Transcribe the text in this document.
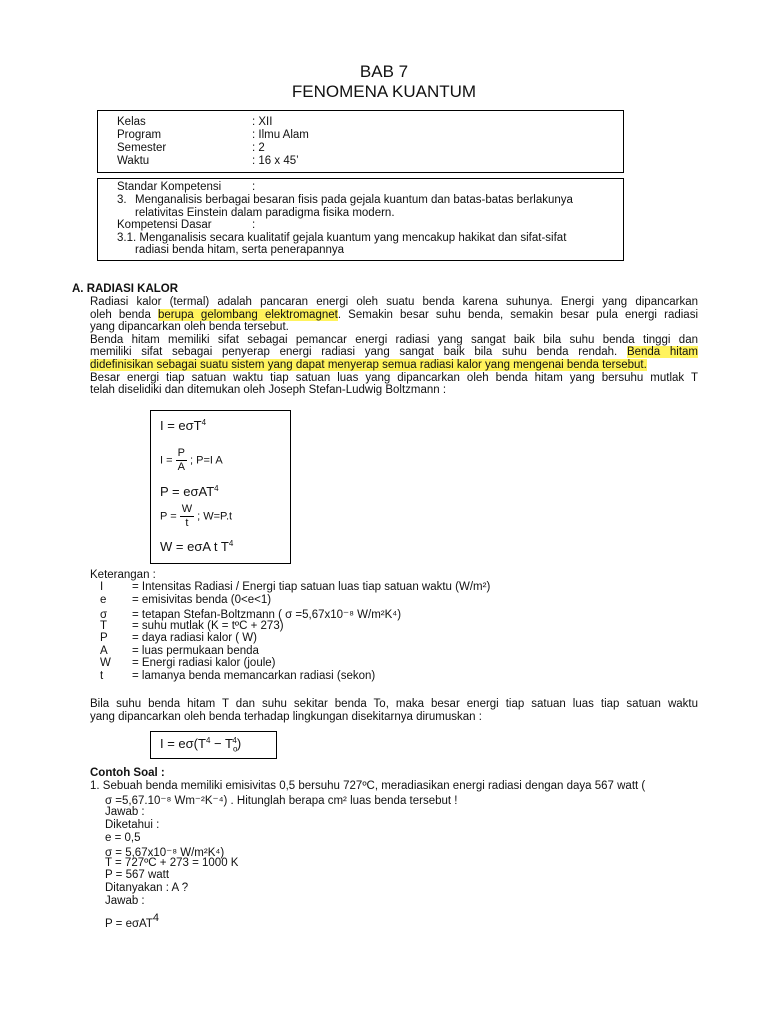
BAB 7
FENOMENA KUANTUM
Kelas	: XII
Program	: Ilmu Alam
Semester	: 2
Waktu	: 16 x 45’
Standar Kompetensi	:
3. Menganalisis berbagai besaran fisis pada gejala kuantum dan batas-batas berlakunya
relativitas Einstein dalam paradigma fisika modern.
Kompetensi Dasar	:
3.1. Menganalisis secara kualitatif gejala kuantum yang mencakup hakikat dan sifat-sifat
radiasi benda hitam, serta penerapannya
A. RADIASI KALOR
Radiasi kalor (termal) adalah pancaran energi oleh suatu benda karena suhunya. Energi yang dipancarkan
oleh benda berupa gelombang elektromagnet. Semakin besar suhu benda, semakin besar pula energi radiasi
yang dipancarkan oleh benda tersebut.
Benda hitam memiliki sifat sebagai pemancar energi radiasi yang sangat baik bila suhu benda tinggi dan
memiliki sifat sebagai penyerap energi radiasi yang sangat baik bila suhu benda rendah. Benda hitam
didefinisikan sebagai suatu sistem yang dapat menyerap semua radiasi kalor yang mengenai benda tersebut.
Besar energi tiap satuan waktu tiap satuan luas yang dipancarkan oleh benda hitam yang bersuhu mutlak T
telah diselidiki dan ditemukan oleh Joseph Stefan-Ludwig Boltzmann :
I = eσT$^4$
$I = \frac{P}{A}$ ; P=I A
P = eσAT$^4$
$P = \frac{W}{t}$ ; W=P.t
W = eσA t $T^4$
Keterangan :
I	= Intensitas Radiasi / Energi tiap satuan luas tiap satuan waktu (W/m²)
e = emisivitas benda (0<e<1)
σ = tetapan Stefan-Boltzmann ( σ =5,67x10⁻⁸ W/m²K⁴)
T = suhu mutlak (K = tºC + 273)
P = daya radiasi kalor ( W)
A = luas permukaan benda
W = Energi radiasi kalor (joule)
t	= lamanya benda memancarkan radiasi (sekon)
Bila suhu benda hitam T dan suhu sekitar benda To, maka besar energi tiap satuan luas tiap satuan waktu
yang dipancarkan oleh benda terhadap lingkungan disekitarnya dirumuskan :
$I = e\sigma(T^4 - T_o^4)$
Contoh Soal :
1. Sebuah benda memiliki emisivitas 0,5 bersuhu 727ºC, meradiasikan energi radiasi dengan daya 567 watt (
σ =5,67.10⁻⁸ Wm⁻²K⁻⁴) . Hitunglah berapa cm² luas benda tersebut !
Jawab :
Diketahui :
e = 0,5
σ = 5,67x10⁻⁸ W/m²K⁴)
T = 727ºC + 273 = 1000 K
P = 567 watt
Ditanyakan : A ?
Jawab :
P = eσAT$^4$
